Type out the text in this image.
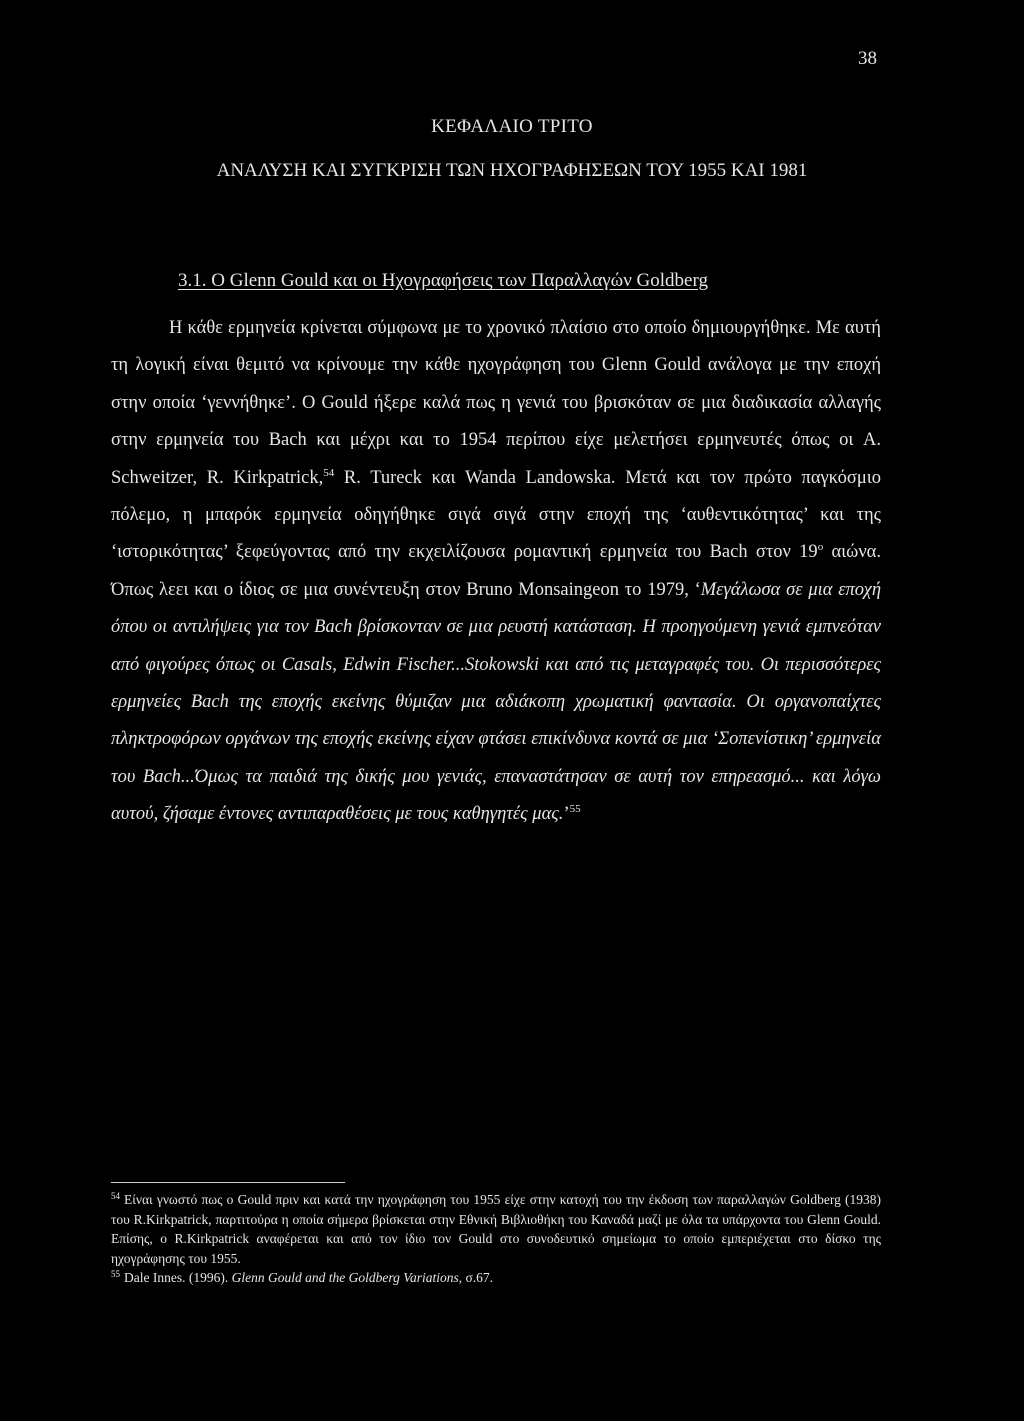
38
ΚΕΦΑΛΑΙΟ ΤΡΙΤΟ
ΑΝΑΛΥΣΗ ΚΑΙ ΣΥΓΚΡΙΣΗ ΤΩΝ ΗΧΟΓΡΑΦΗΣΕΩΝ ΤΟΥ 1955 ΚΑΙ 1981
3.1. Ο Glenn Gould και οι Ηχογραφήσεις των Παραλλαγών Goldberg

Η κάθε ερμηνεία κρίνεται σύμφωνα με το χρονικό πλαίσιο στο οποίο δημιουργήθηκε. Με αυτή τη λογική είναι θεμιτό να κρίνουμε την κάθε ηχογράφηση του Glenn Gould ανάλογα με την εποχή στην οποία ‘γεννήθηκε’. Ο Gould ήξερε καλά πως η γενιά του βρισκόταν σε μια διαδικασία αλλαγής στην ερμηνεία του Bach και μέχρι και το 1954 περίπου είχε μελετήσει ερμηνευτές όπως οι A. Schweitzer, R. Kirkpatrick,$^{54}$ R. Tureck και Wanda Landowska. Μετά και τον πρώτο παγκόσμιο πόλεμο, η μπαρόκ ερμηνεία οδηγήθηκε σιγά σιγά στην εποχή της ‘αυθεντικότητας’ και της ‘ιστορικότητας’ ξεφεύγοντας από την εκχειλίζουσα ρομαντική ερμηνεία του Bach στον $19^o$ αιώνα. Όπως λεει και ο ίδιος σε μια συνέντευξη στον Bruno Monsaingeon το 1979, ‘Μεγάλωσα σε μια εποχή όπου οι αντιλήψεις για τον Bach βρίσκονταν σε μια ρευστή κατάσταση. Η προηγούμενη γενιά εμπνεόταν από φιγούρες όπως οι Casals, Edwin Fischer...Stokowski και από τις μεταγραφές του. Οι περισσότερες ερμηνείες Bach της εποχής εκείνης θύμιζαν μια αδιάκοπη χρωματική φαντασία. Οι οργανοπαίχτες πληκτροφόρων οργάνων της εποχής εκείνης είχαν φτάσει επικίνδυνα κοντά σε μια ‘Σοπενίστικη’ ερμηνεία του Bach...Όμως τα παιδιά της δικής μου γενιάς, επαναστάτησαν σε αυτή τον επηρεασμό... και λόγω αυτού, ζήσαμε έντονες αντιπαραθέσεις με τους καθηγητές μας.’$^{55}$

$^{54}$ Είναι γνωστό πως ο Gould πριν και κατά την ηχογράφηση του 1955 είχε στην κατοχή του την έκδοση των παραλλαγών Goldberg (1938) του R.Kirkpatrick, παρτιτούρα η οποία σήμερα βρίσκεται στην Εθνική Βιβλιοθήκη του Καναδά μαζί με όλα τα υπάρχοντα του Glenn Gould. Επίσης, ο R.Kirkpatrick αναφέρεται και από τον ίδιο τον Gould στο συνοδευτικό σημείωμα το οποίο εμπεριέχεται στο δίσκο της ηχογράφησης του 1955.

$^{55}$ Dale Innes. (1996). Glenn Gould and the Goldberg Variations, σ.67.
